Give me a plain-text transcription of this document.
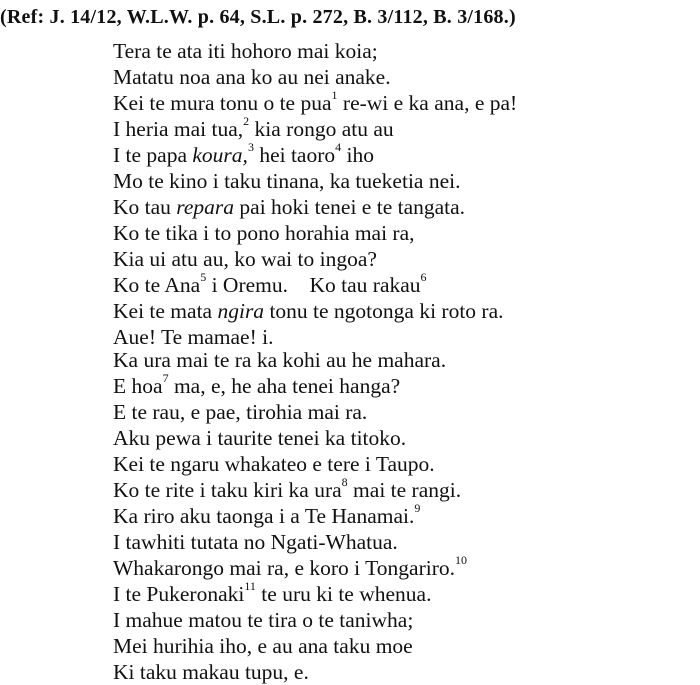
(Ref: J. 14/12, W.L.W. p. 64, S.L. p. 272, B. 3/112, B. 3/168.)
Tera te ata iti hohoro mai koia;
Matatu noa ana ko au nei anake.
Kei te mura tonu o te pua$^1$ re-wi e ka ana, e pa!
I heria mai tua,$^2$ kia rongo atu au
I te papa koura,$^3$ hei taoro$^4$ iho
Mo te kino i taku tinana, ka tueketia nei.
Ko tau repara pai hoki tenei e te tangata.
Ko te tika i to pono horahia mai ra,
Kia ui atu au, ko wai to ingoa?
Ko te Ana$^5$ i Oremu.    Ko tau rakau$^6$
Kei te mata ngira tonu te ngotonga ki roto ra.
Aue! Te mamae! i.
Ka ura mai te ra ka kohi au he mahara.
E hoa$^7$ ma, e, he aha tenei hanga?
E te rau, e pae, tirohia mai ra.
Aku pewa i taurite tenei ka titoko.
Kei te ngaru whakateo e tere i Taupo.
Ko te rite i taku kiri ka ura$^8$ mai te rangi.
Ka riro aku taonga i a Te Hanamai.$^9$
I tawhiti tutata no Ngati-Whatua.
Whakarongo mai ra, e koro i Tongariro.$^{10}$
I te Pukeronaki$^{11}$ te uru ki te whenua.
I mahue matou te tira o te taniwha;
Mei hurihia iho, e au ana taku moe
Ki taku makau tupu, e.
